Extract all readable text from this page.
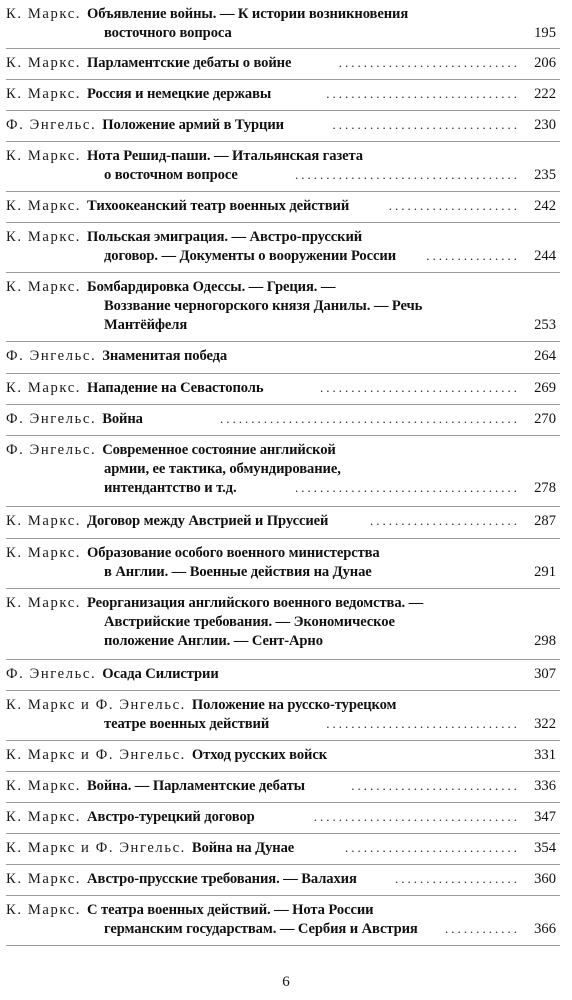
К. Маркс. Объявление войны. — К истории возникновения
восточного вопроса	195
К. Маркс. Парламентские дебаты о войне	206
.............................
К. Маркс. Россия и немецкие державы	222
...............................
Ф. Энгельс. Положение армий в Турции	230
..............................
К. Маркс. Нота Решид-паши. — Итальянская газета
о восточном вопросе	235
....................................
К. Маркс. Тихоокеанский театр военных действий	242
.....................
К. Маркс. Польская эмиграция. — Австро-прусский
договор. — Документы о вооружении России	244
...............
К. Маркс. Бомбардировка Одессы. — Греция. —
Воззвание черногорского князя Данилы. — Речь
Мантёйфеля	253
Ф. Энгельс. Знаменитая победа	264
К. Маркс. Нападение на Севастополь	269
................................
Ф. Энгельс. Война	270
................................................
Ф. Энгельс. Современное состояние английской
армии, ее тактика, обмундирование,
интендантство и т.д.	278
....................................
К. Маркс. Договор между Австрией и Пруссией	287
........................
К. Маркс. Образование особого военного министерства
в Англии. — Военные действия на Дунае	291
К. Маркс. Реорганизация английского военного ведомства. —
Австрийские требования. — Экономическое
положение Англии. — Сент-Арно	298
Ф. Энгельс. Осада Силистрии	307
К. Маркс и Ф. Энгельс. Положение на русско-турецком
театре военных действий	322
...............................
К. Маркс и Ф. Энгельс. Отход русских войск	331
К. Маркс. Война. — Парламентские дебаты	336
...........................
К. Маркс. Австро-турецкий договор	347
.................................
К. Маркс и Ф. Энгельс. Война на Дунае	354
............................
К. Маркс. Австро-прусские требования. — Валахия	360
....................
К. Маркс. С театра военных действий. — Нота России
германским государствам. — Сербия и Австрия	366
............
6
